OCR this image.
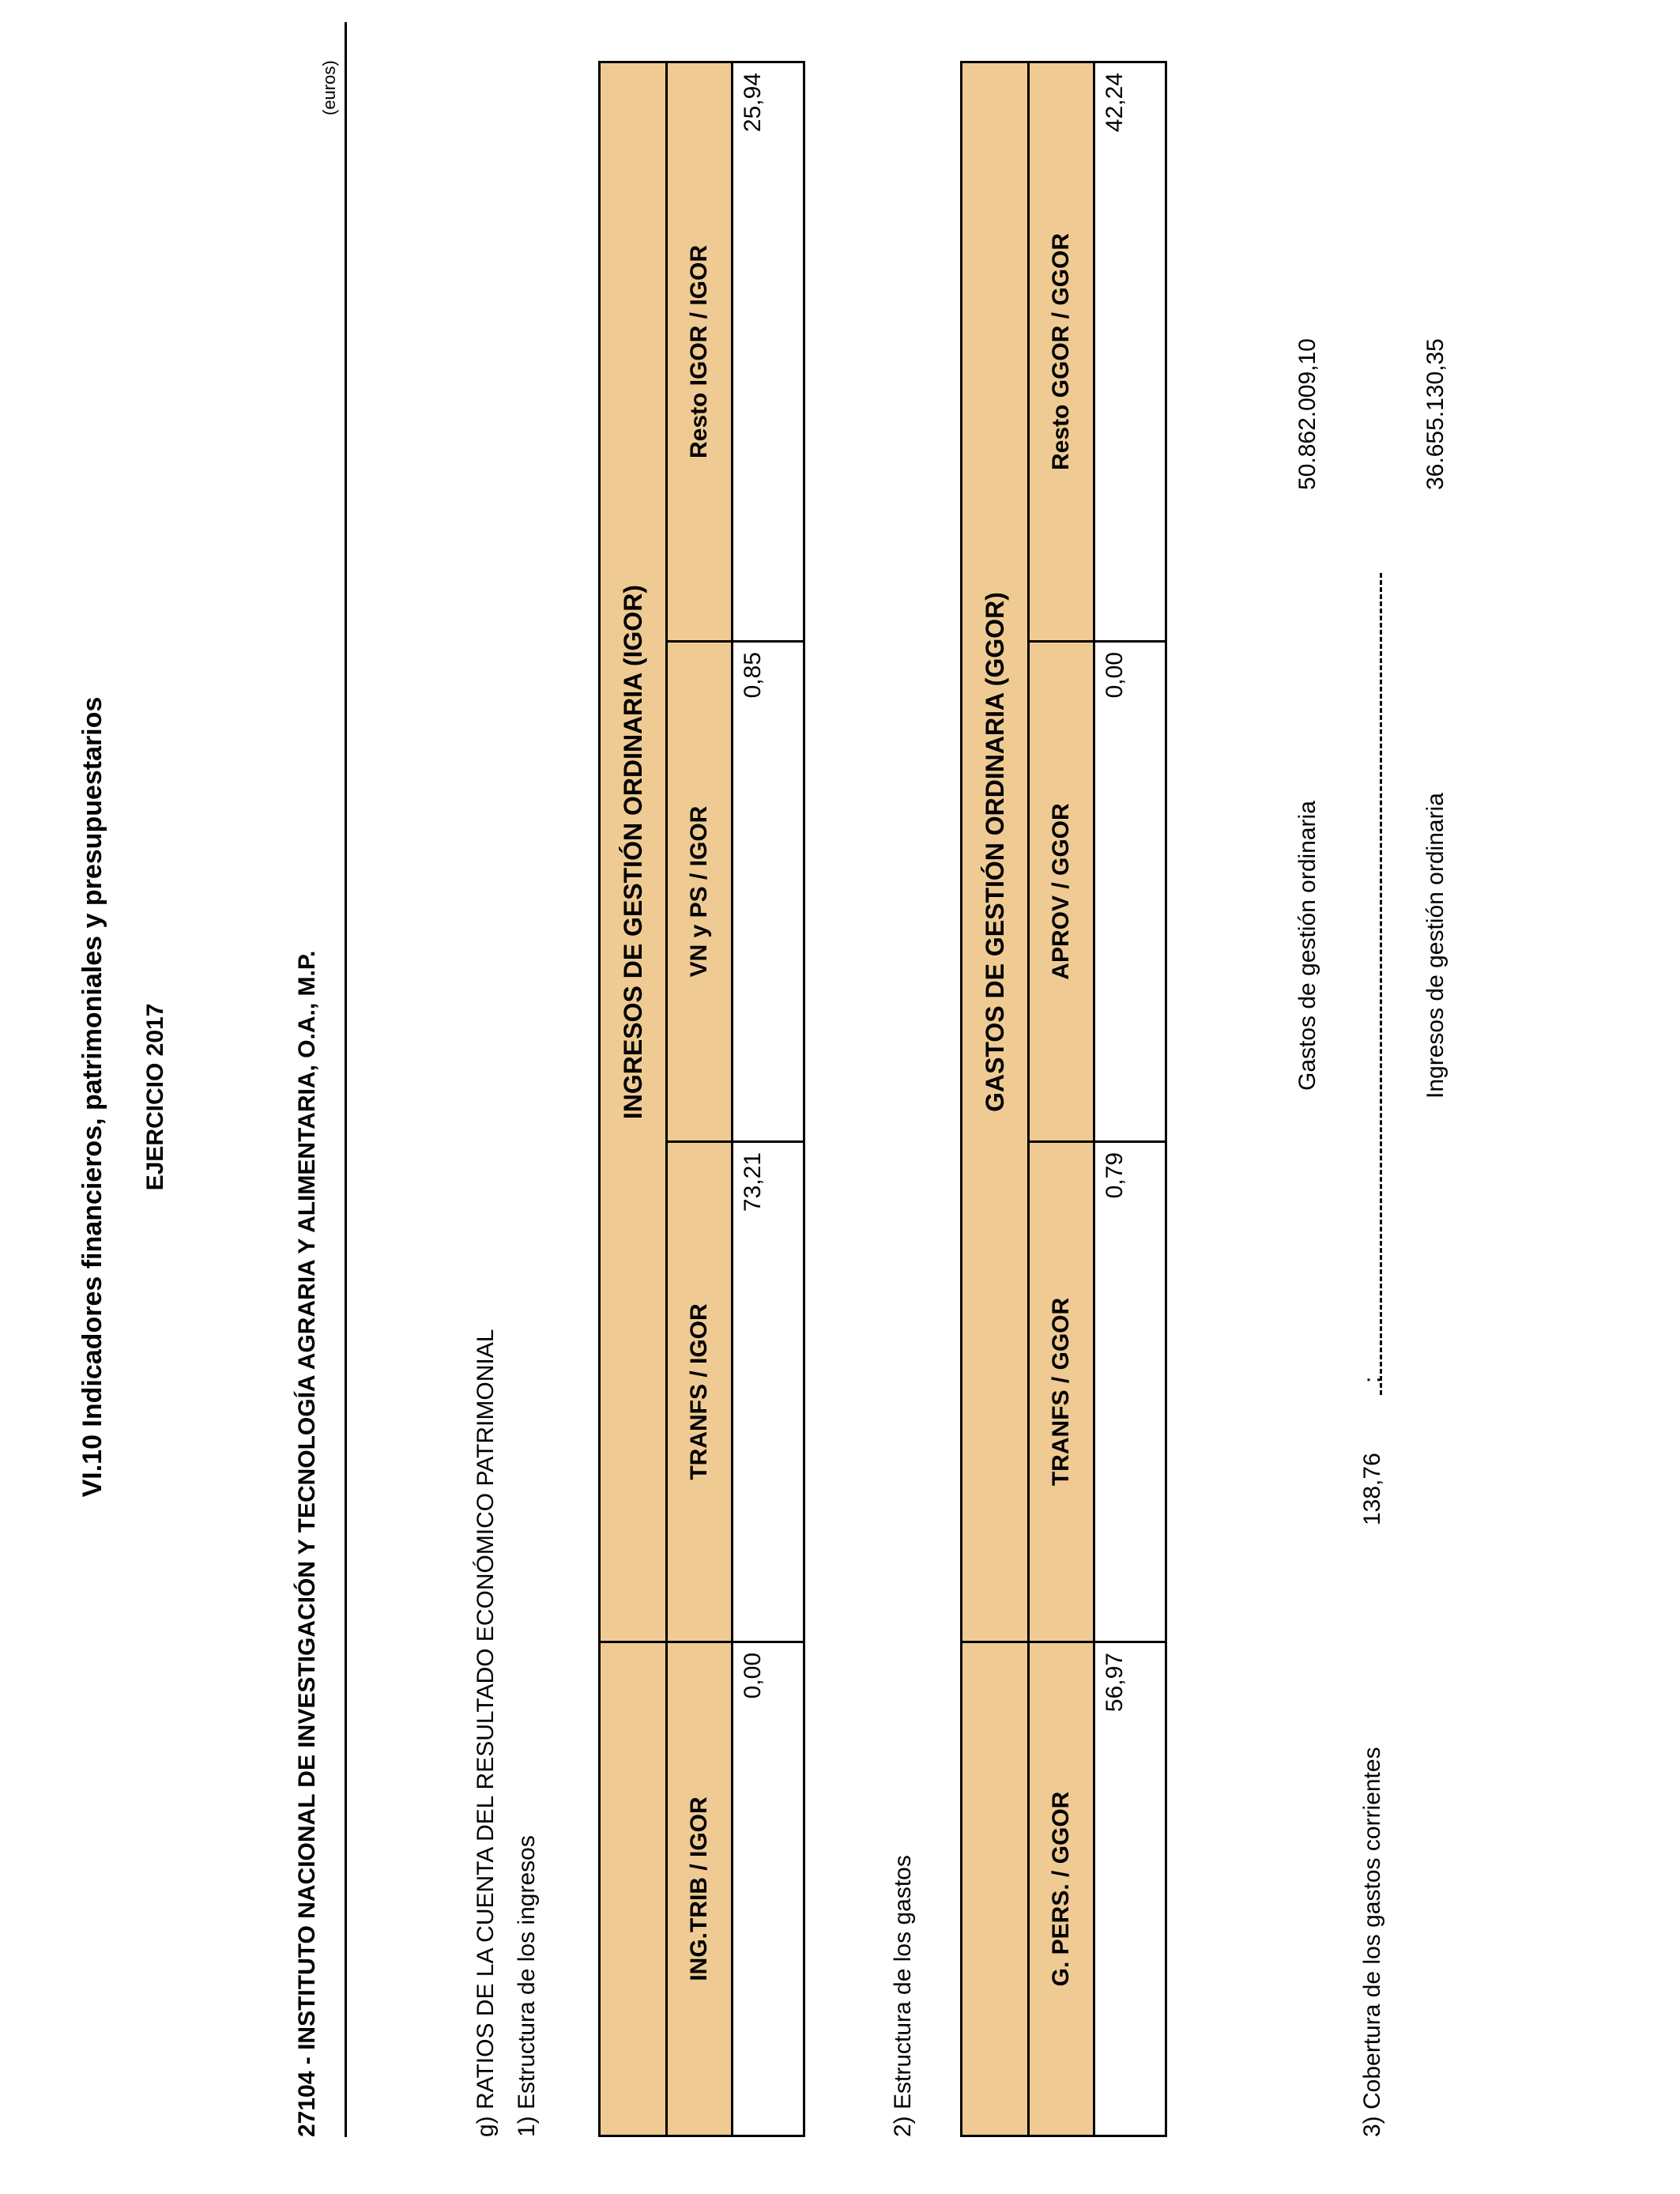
VI.10 Indicadores financieros, patrimoniales y presupuestarios EJERCICIO 2017	27104 - INSTITUTO NACIONAL DE INVESTIGACIÓN Y TECNOLOGÍA AGRARIA Y ALIMENTARIA, O.A., M.P.
(euros)
g) RATIOS DE LA CUENTA DEL RESULTADO ECONÓMICO PATRIMONIAL 1) Estructura de los ingresos
	INGRESOS DE GESTIÓN ORDINARIA (IGOR)		
ING.TRIB / IGOR	TRANFS / IGOR	VN y PS / IGOR	Resto IGOR / IGOR
0,00	73,21	0,85	25,94
2) Estructura de los gastos
	GASTOS DE GESTIÓN ORDINARIA (GGOR)		
G. PERS. / GGOR	TRANFS / GGOR	APROV / GGOR	Resto GGOR / GGOR
56,97	0,79	0,00	42,24
3) Cobertura de los gastos corrientes
138,76
:
Gastos de gestión ordinaria
50.862.009,10
Ingresos de gestión ordinaria
36.655.130,35
